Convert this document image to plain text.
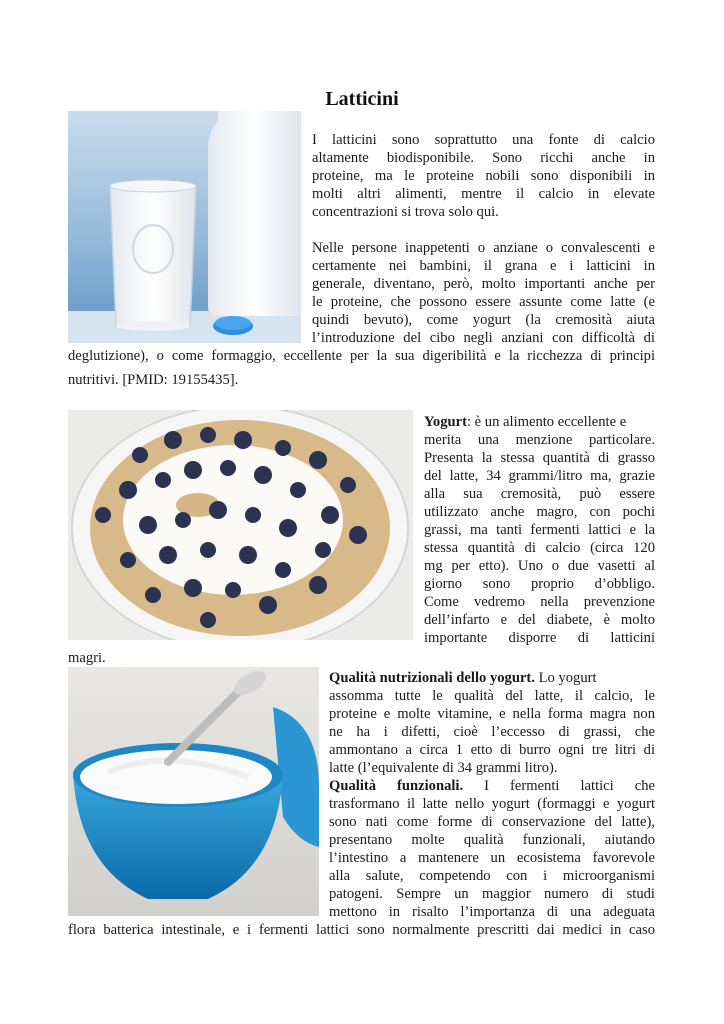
Latticini
I latticini sono soprattutto una fonte di calcio
altamente biodisponibile. Sono ricchi anche in
proteine, ma le proteine nobili sono disponibili in
molti altri alimenti, mentre il calcio in elevate
concentrazioni si trova solo qui.
Nelle persone inappetenti o anziane o convalescenti e
certamente nei bambini, il grana e i latticini in
generale, diventano, però, molto importanti anche per
le proteine, che possono essere assunte come latte (e
quindi bevuto), come yogurt (la cremosità aiuta
l’introduzione del cibo negli anziani con difficoltà di
deglutizione), o come formaggio, eccellente per la sua digeribilità e la ricchezza di principi
nutritivi. [PMID: 19155435].
Yogurt: è un alimento eccellente e
merita una menzione particolare.
Presenta la stessa quantità di grasso
del latte, 34 grammi/litro ma, grazie
alla sua cremosità, può essere
utilizzato anche magro, con pochi
grassi, ma tanti fermenti lattici e la
stessa quantità di calcio (circa 120
mg per etto). Uno o due vasetti al
giorno sono proprio d’obbligo.
Come vedremo nella prevenzione
dell’infarto e del diabete, è molto
importante disporre di latticini
magri.
Qualità nutrizionali dello yogurt. Lo yogurt
assomma tutte le qualità del latte, il calcio, le
proteine e molte vitamine, e nella forma magra non
ne ha i difetti, cioè l’eccesso di grassi, che
ammontano a circa 1 etto di burro ogni tre litri di
latte (l’equivalente di 34 grammi litro).
Qualità funzionali. I fermenti lattici che
trasformano il latte nello yogurt (formaggi e yogurt
sono nati come forme di conservazione del latte),
presentano molte qualità funzionali, aiutando
l’intestino a mantenere un ecosistema favorevole
alla salute, competendo con i microorganismi
patogeni. Sempre un maggior numero di studi
mettono in risalto l’importanza di una adeguata
flora batterica intestinale, e i fermenti lattici sono normalmente prescritti dai medici in caso
